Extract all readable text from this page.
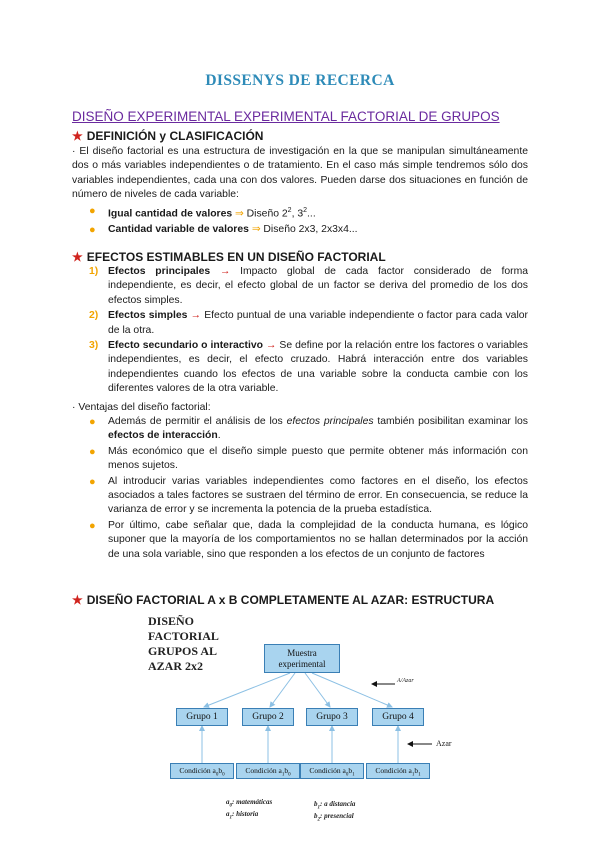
DISSENYS DE RECERCA
DISEÑO EXPERIMENTAL EXPERIMENTAL FACTORIAL DE GRUPOS
★ DEFINICIÓN y CLASIFICACIÓN
· El diseño factorial es una estructura de investigación en la que se manipulan simultáneamente dos o más variables independientes o de tratamiento. En el caso más simple tendremos sólo dos variables independientes, cada una con dos valores. Pueden darse dos situaciones en función de número de niveles de cada variable:
● Igual cantidad de valores ⇒ Diseño $2^2$, $3^2$...
● Cantidad variable de valores ⇒ Diseño 2x3, 2x3x4...
★ EFECTOS ESTIMABLES EN UN DISEÑO FACTORIAL
1) Efectos principales → Impacto global de cada factor considerado de forma independiente, es decir, el efecto global de un factor se deriva del promedio de los dos efectos simples.
2) Efectos simples → Efecto puntual de una variable independiente o factor para cada valor de la otra.
3) Efecto secundario o interactivo → Se define por la relación entre los factores o variables independientes, es decir, el efecto cruzado. Habrá interacción entre dos variables independientes cuando los efectos de una variable sobre la conducta cambie con los diferentes valores de la otra variable.
· Ventajas del diseño factorial:
● Además de permitir el análisis de los efectos principales también posibilitan examinar los efectos de interacción.
● Más económico que el diseño simple puesto que permite obtener más información con menos sujetos.
● Al introducir varias variables independientes como factores en el diseño, los efectos asociados a tales factores se sustraen del término de error. En consecuencia, se reduce la varianza de error y se incrementa la potencia de la prueba estadística.
● Por último, cabe señalar que, dada la complejidad de la conducta humana, es lógico suponer que la mayoría de los comportamientos no se hallan determinados por la acción de una sola variable, sino que responden a los efectos de un conjunto de factores
★ DISEÑO FACTORIAL A x B COMPLETAMENTE AL AZAR: ESTRUCTURA
DISEÑO
FACTORIAL
GRUPOS AL
AZAR 2x2
Muestra
experimental
A/Azar
Azar
Grupo 1	Grupo 2	Grupo 3	Grupo 4
Condición $a_0b_0$	Condición $a_1b_0$	Condición $a_0b_1$	Condición $a_1b_1$
$a_0$: matemáticas
$a_1$: historia
$b_1$: a distancia
$b_2$: presencial
